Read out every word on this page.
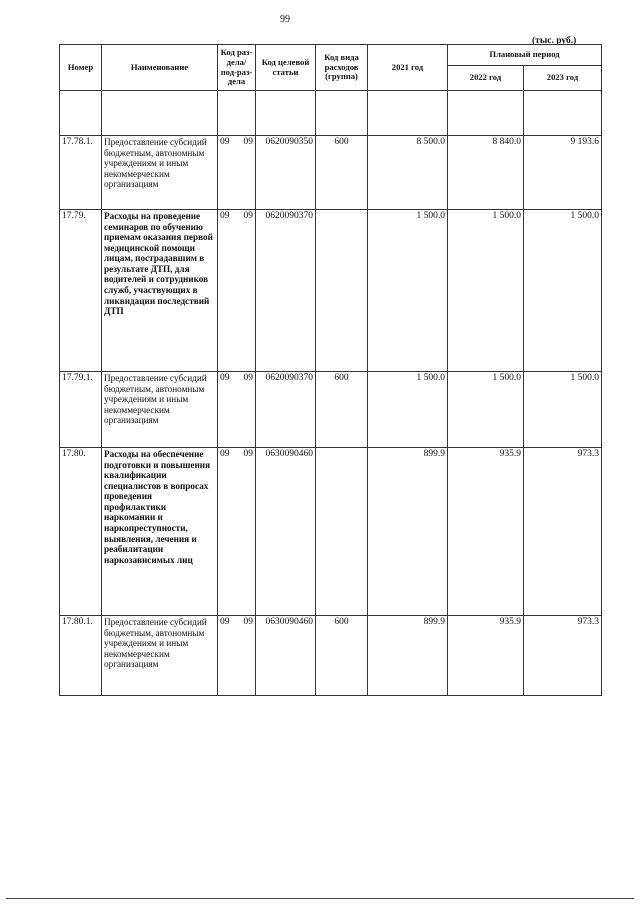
99
(тыс. руб.)
Номер	Наименование	Код раз-дела/ под-раз-дела	Код целевой статьи	Код вида расходов (группа)	2021 год	Плановый период	
						2022 год	2023 год

17.78.1.	Предоставление субсидий бюджетным, автономным учреждениям и иным некоммерческим организациям	09 09	0620090350	600	8 500.0	8 840.0	9 193.6
17.79.	Расходы на проведение семинаров по обучению приемам оказания первой медицинской помощи лицам, пострадавшим в результате ДТП, для водителей и сотрудников служб, участвующих в ликвидации последствий ДТП	09 09	0620090370		1 500.0	1 500.0	1 500.0
17.79.1.	Предоставление субсидий бюджетным, автономным учреждениям и иным некоммерческим организациям	09 09	0620090370	600	1 500.0	1 500.0	1 500.0
17.80.	Расходы на обеспечение подготовки и повышения квалификации специалистов в вопросах проведения профилактики наркомании и наркопреступности, выявления, лечения и реабилитации наркозависимых лиц	09 09	0630090460		899.9	935.9	973.3
17.80.1.	Предоставление субсидий бюджетным, автономным учреждениям и иным некоммерческим организациям	09 09	0630090460	600	899.9	935.9	973.3
